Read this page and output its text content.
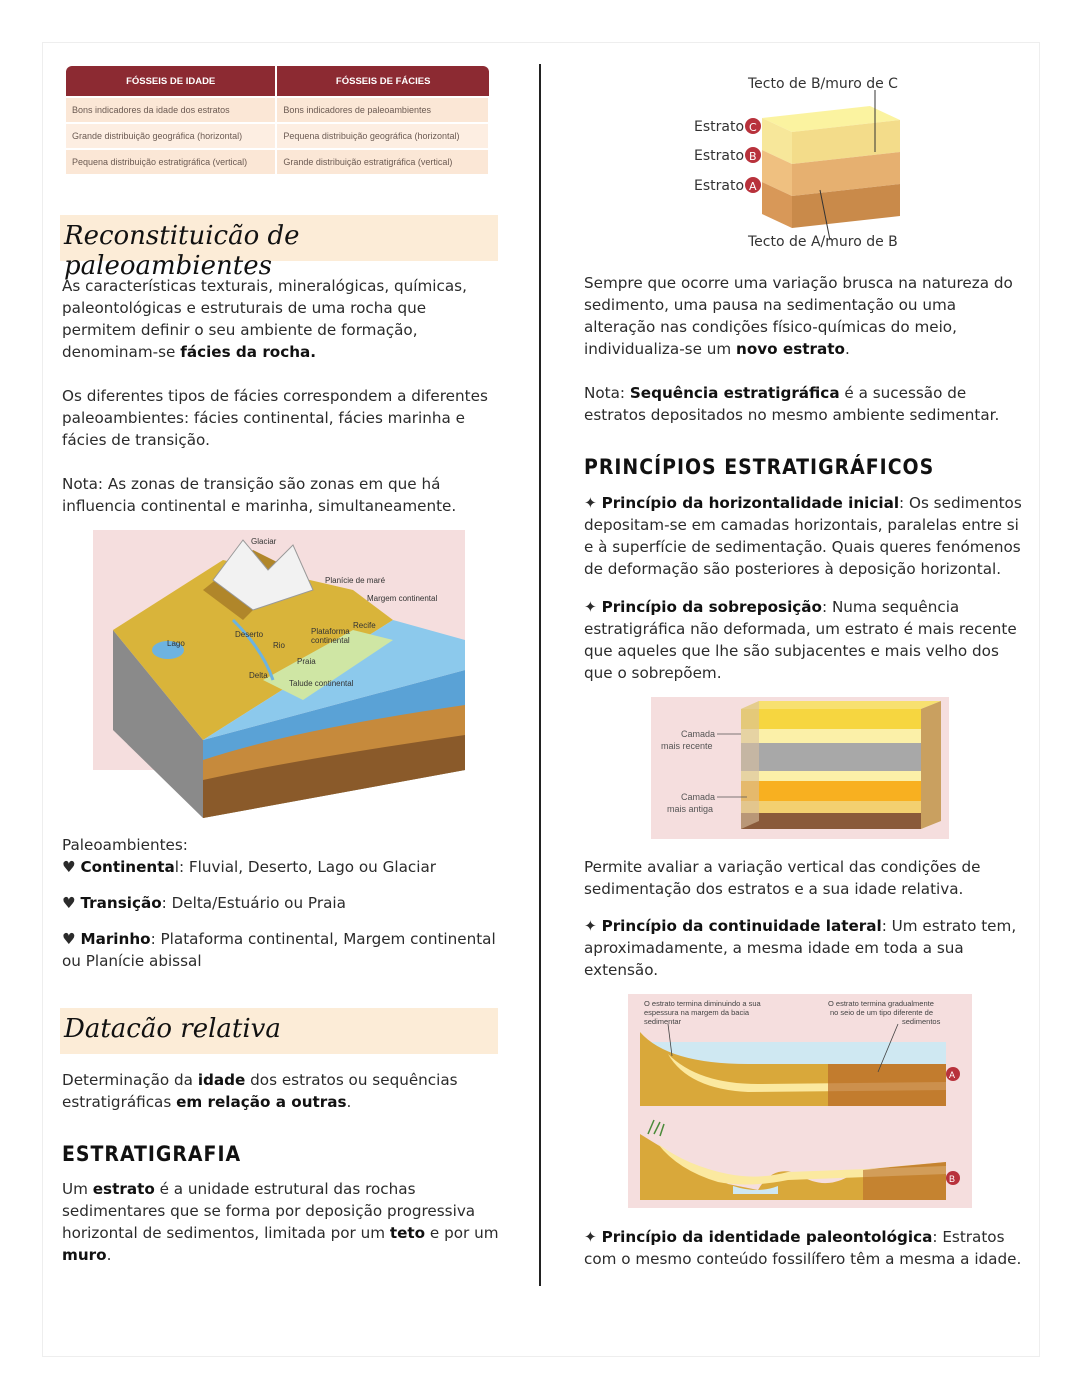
FÓSSEIS DE IDADE	FÓSSEIS DE FÁCIES
Bons indicadores da idade dos estratos	Bons indicadores de paleoambientes
Grande distribuição geográfica (horizontal)	Pequena distribuição geográfica (horizontal)
Pequena distribuição estratigráfica (vertical)	Grande distribuição estratigráfica (vertical)
Reconstituicão de paleoambientes

As características texturais, mineralógicas, químicas, paleontológicas e estruturais de uma rocha que permitem definir o seu ambiente de formação, denominam-se fácies da rocha.

Os diferentes tipos de fácies correspondem a diferentes paleoambientes: fácies continental, fácies marinha e fácies de transição.

Nota: As zonas de transição são zonas em que há influencia continental e marinha, simultaneamente.

Glaciar
Planície de maré
Margem continental
Recife
Deserto
Lago	Rio
Plataforma
continental
Praia
Delta
Talude continental

Paleoambientes:

♥ Continental: Fluvial, Deserto, Lago ou Glaciar

♥ Transição: Delta/Estuário ou Praia

♥ Marinho: Plataforma continental, Margem continental ou Planície abissal

Datacão relativa

Determinação da idade dos estratos ou sequências estratigráficas em relação a outras.

ESTRATIGRAFIA

Um estrato é a unidade estrutural das rochas sedimentares que se forma por deposição progressiva horizontal de sedimentos, limitada por um teto e por um muro.

Tecto de B/muro de C
Estrato C
Estrato B
Estrato A
Tecto de A/muro de B

Sempre que ocorre uma variação brusca na natureza do sedimento, uma pausa na sedimentação ou uma alteração nas condições físico-químicas do meio, individualiza-se um novo estrato.

Nota: Sequência estratigráfica é a sucessão de estratos depositados no mesmo ambiente sedimentar.

PRINCÍPIOS ESTRATIGRÁFICOS

✦ Princípio da horizontalidade inicial: Os sedimentos depositam-se em camadas horizontais, paralelas entre si e à superfície de sedimentação. Quais queres fenómenos de deformação são posteriores à deposição horizontal.

✦ Princípio da sobreposição: Numa sequência estratigráfica não deformada, um estrato é mais recente que aqueles que lhe são subjacentes e mais velho dos que o sobrepõem.

Camada
mais recente
Camada
mais antiga

Permite avaliar a variação vertical das condições de sedimentação dos estratos e a sua idade relativa.

✦ Princípio da continuidade lateral: Um estrato tem, aproximadamente, a mesma idade em toda a sua extensão.

O estrato termina diminuindo a sua
espessura na margem da bacia
sedimentar
O estrato termina gradualmente
no seio de um tipo diferente de
sedimentos
A
B

✦ Princípio da identidade paleontológica: Estratos com o mesmo conteúdo fossilífero têm a mesma a idade.
